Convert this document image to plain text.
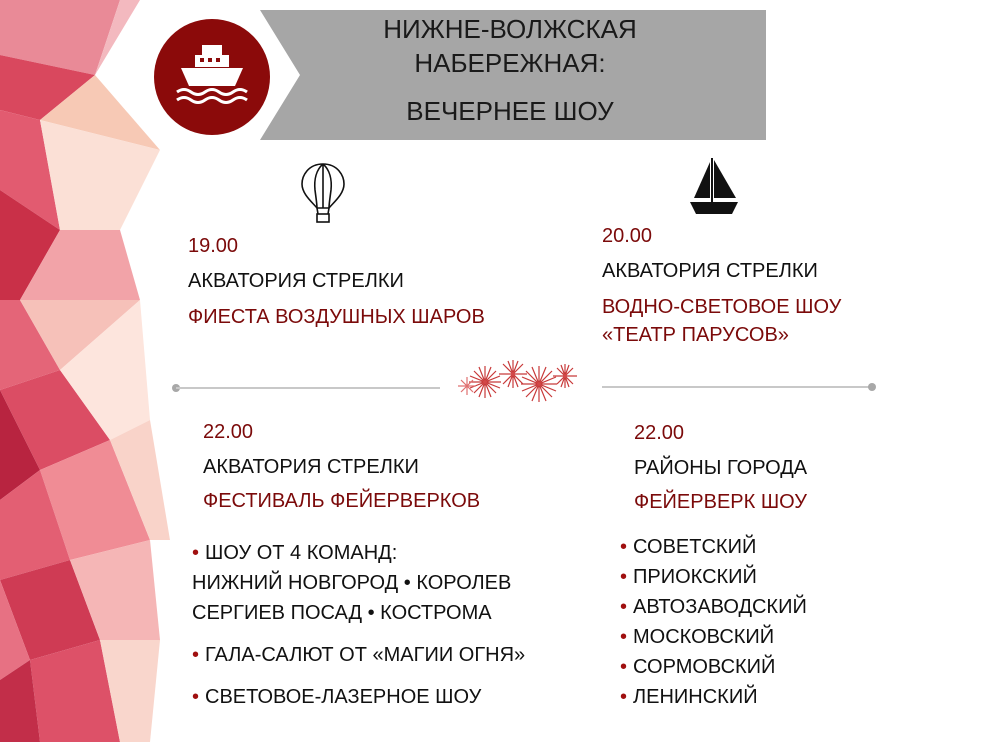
НИЖНЕ-ВОЛЖСКАЯ
НАБЕРЕЖНАЯ:
ВЕЧЕРНЕЕ ШОУ
19.00
АКВАТОРИЯ СТРЕЛКИ
ФИЕСТА ВОЗДУШНЫХ ШАРОВ
20.00
АКВАТОРИЯ СТРЕЛКИ
ВОДНО-СВЕТОВОЕ ШОУ
«ТЕАТР ПАРУСОВ»
22.00
АКВАТОРИЯ СТРЕЛКИ
ФЕСТИВАЛЬ ФЕЙЕРВЕРКОВ
• ШОУ ОТ 4 КОМАНД:
НИЖНИЙ НОВГОРОД • КОРОЛЕВ
СЕРГИЕВ ПОСАД • КОСТРОМА
• ГАЛА-САЛЮТ ОТ «МАГИИ ОГНЯ»
• СВЕТОВОЕ-ЛАЗЕРНОЕ ШОУ
22.00
РАЙОНЫ ГОРОДА
ФЕЙЕРВЕРК ШОУ
• СОВЕТСКИЙ
• ПРИОКСКИЙ
• АВТОЗАВОДСКИЙ
• МОСКОВСКИЙ
• СОРМОВСКИЙ
• ЛЕНИНСКИЙ
